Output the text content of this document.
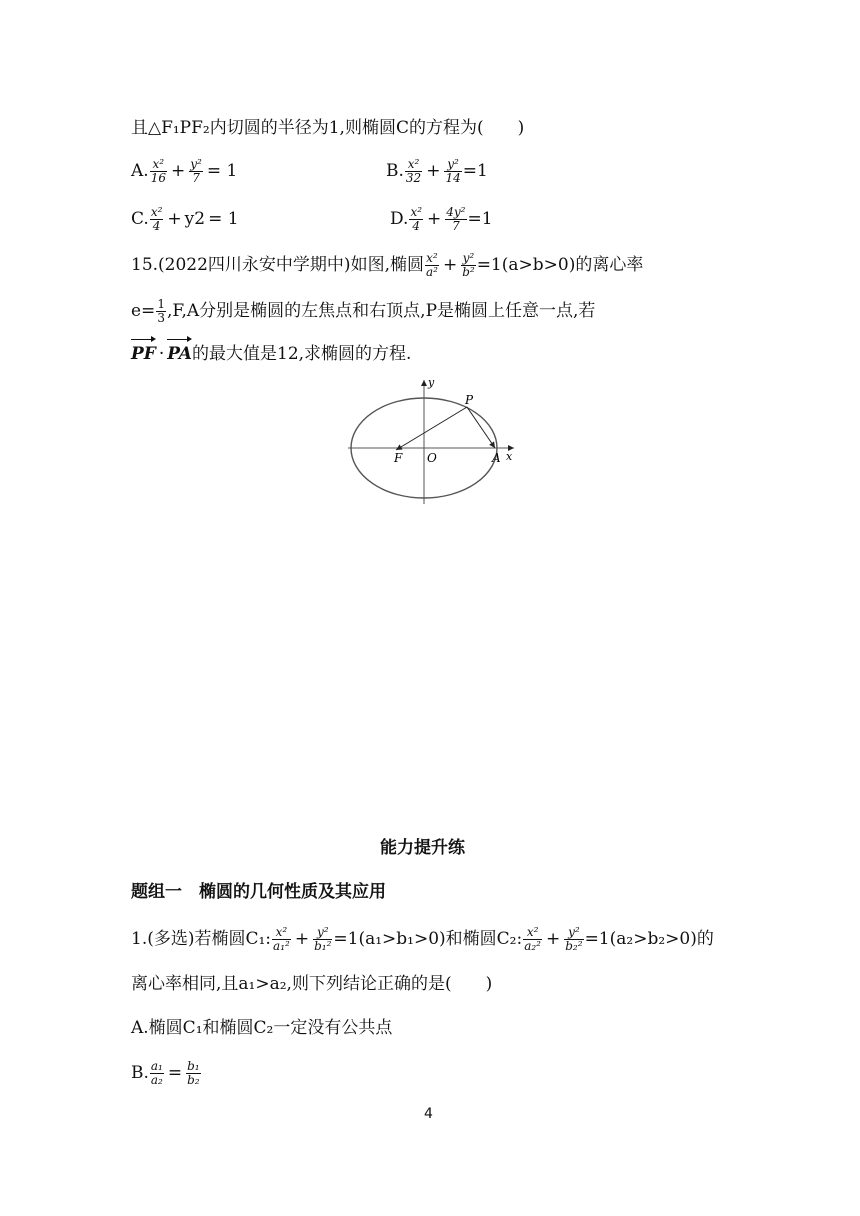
且△F₁PF₂内切圆的半径为1,则椭圆C的方程为(　　)
A. $\frac{\text{x²}}{16} + \frac{\text{y²}}{7} = 1$	B. $\frac{\text{x²}}{32} + \frac{\text{y²}}{14} =1$
C. $\frac{\text{x²}}{4} + y2 = 1$	D. $\frac{\text{x²}}{4} + \frac{\text{4y²}}{7} =1$
15.(2022四川永安中学期中)如图,椭圆 $\frac{\text{x²}}{\text{a²}} + \frac{\text{y²}}{\text{b²}} =1(a>b>0)$的离心率
$e= \frac{1}{3} ,F,A$分别是椭圆的左焦点和右顶点,P是椭圆上任意一点,若
PF · PA的最大值是12,求椭圆的方程.
y
x
P
F O	A
能力提升练
题组一　椭圆的几何性质及其应用
1.(多选)若椭圆C₁: $\frac{\text{x²}}{\text{a₁²}} + \frac{\text{y²}}{\text{b₁²}} =1(a_1>b_1>0)$和椭圆C₂: $\frac{\text{x²}}{\text{a₂²}} + \frac{\text{y²}}{\text{b₂²}} =1(a_2>b_2>0)$的
离心率相同,且a₁>a₂,则下列结论正确的是(　　)
A.椭圆C₁和椭圆C₂一定没有公共点
B. $\frac{\text{a₁}}{\text{a₂}} = \frac{\text{b₁}}{\text{b₂}}$
4
